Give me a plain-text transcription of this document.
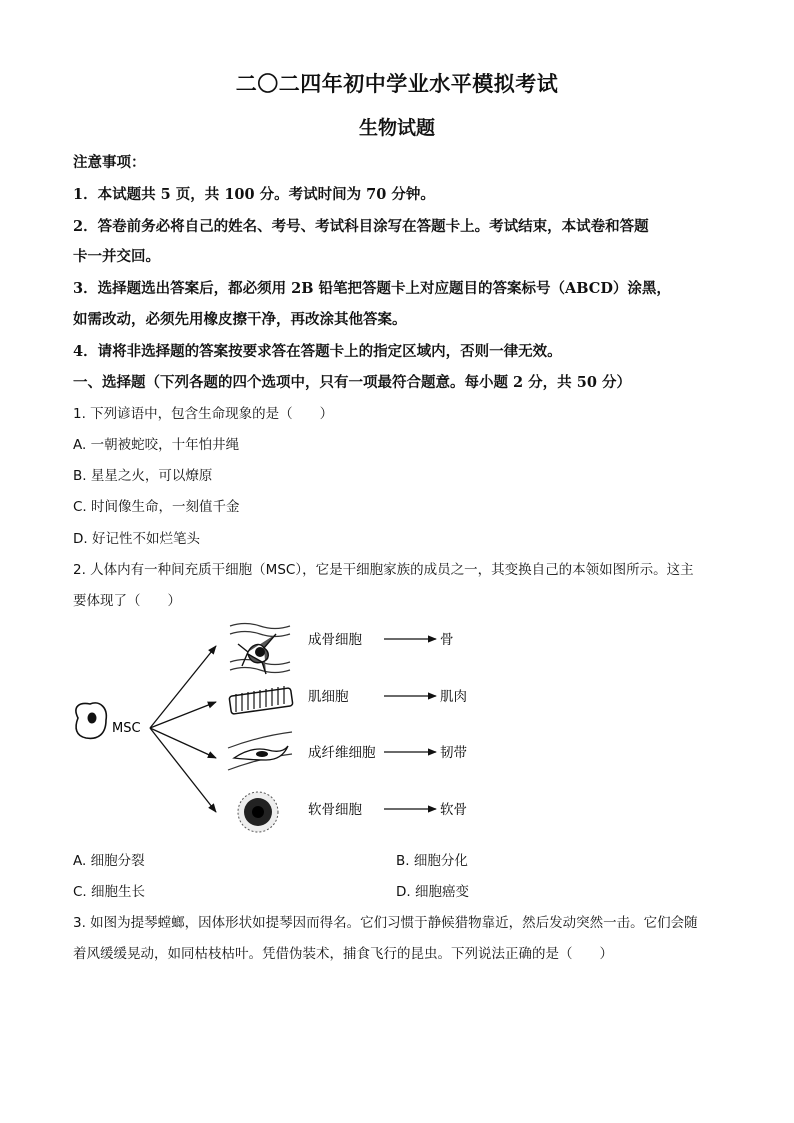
二〇二四年初中学业水平模拟考试
生物试题
注意事项：
1．本试题共 5 页，共 100 分。考试时间为 70 分钟。
2．答卷前务必将自己的姓名、考号、考试科目涂写在答题卡上。考试结束，本试卷和答题
卡一并交回。
3．选择题选出答案后，都必须用 2B 铅笔把答题卡上对应题目的答案标号（ABCD）涂黑，
如需改动，必须先用橡皮擦干净，再改涂其他答案。
4．请将非选择题的答案按要求答在答题卡上的指定区域内，否则一律无效。
一、选择题（下列各题的四个选项中，只有一项最符合题意。每小题 2 分，共 50 分）
1. 下列谚语中，包含生命现象的是（　　）
A. 一朝被蛇咬，十年怕井绳
B. 星星之火，可以燎原
C. 时间像生命，一刻值千金
D. 好记性不如烂笔头
2. 人体内有一种间充质干细胞（MSC），它是干细胞家族的成员之一，其变换自己的本领如图所示。这主
要体现了（　　）
MSC
成骨细胞	骨
肌细胞	肌肉
成纤维细胞	韧带
软骨细胞	软骨
A. 细胞分裂	B. 细胞分化
C. 细胞生长	D. 细胞癌变
3. 如图为提琴螳螂，因体形状如提琴因而得名。它们习惯于静候猎物靠近，然后发动突然一击。它们会随
着风缓缓晃动，如同枯枝枯叶。凭借伪装术，捕食飞行的昆虫。下列说法正确的是（　　）
